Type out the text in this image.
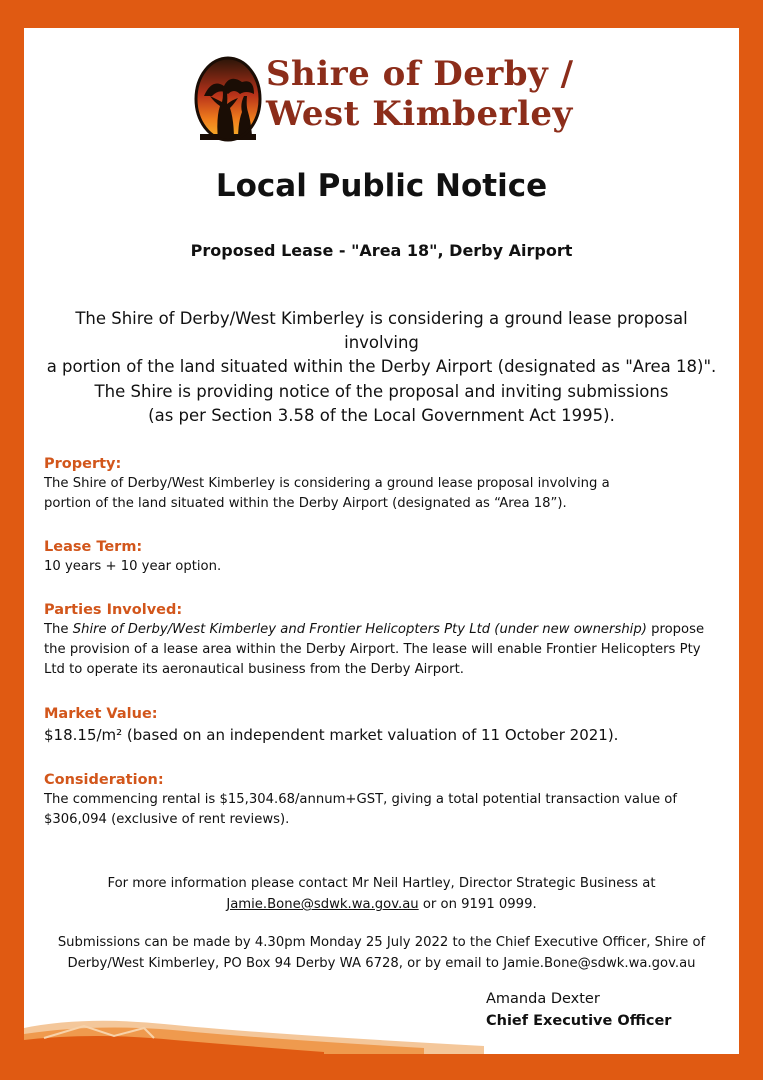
Shire of Derby /
West Kimberley
Local Public Notice
Proposed Lease - "Area 18", Derby Airport
The Shire of Derby/West Kimberley is considering a ground lease proposal involving
a portion of the land situated within the Derby Airport (designated as "Area 18)".
The Shire is providing notice of the proposal and inviting submissions
(as per Section 3.58 of the Local Government Act 1995).
Property:

The Shire of Derby/West Kimberley is considering a ground lease proposal involving a

portion of the land situated within the Derby Airport (designated as “Area 18”).

Lease Term:

10 years + 10 year option.

Parties Involved:

The Shire of Derby/West Kimberley and Frontier Helicopters Pty Ltd (under new ownership) propose the provision of a lease area within the Derby Airport. The lease will enable Frontier Helicopters Pty Ltd to operate its aeronautical business from the Derby Airport.

Market Value:

$18.15/m² (based on an independent market valuation of 11 October 2021).

Consideration:

The commencing rental is $15,304.68/annum+GST, giving a total potential transaction value of

$306,094 (exclusive of rent reviews).

For more information please contact Mr Neil Hartley, Director Strategic Business at
Jamie.Bone@sdwk.wa.gov.au or on 9191 0999.
Submissions can be made by 4.30pm Monday 25 July 2022 to the Chief Executive Officer, Shire of
Derby/West Kimberley, PO Box 94 Derby WA 6728, or by email to Jamie.Bone@sdwk.wa.gov.au
Amanda Dexter
Chief Executive Officer
